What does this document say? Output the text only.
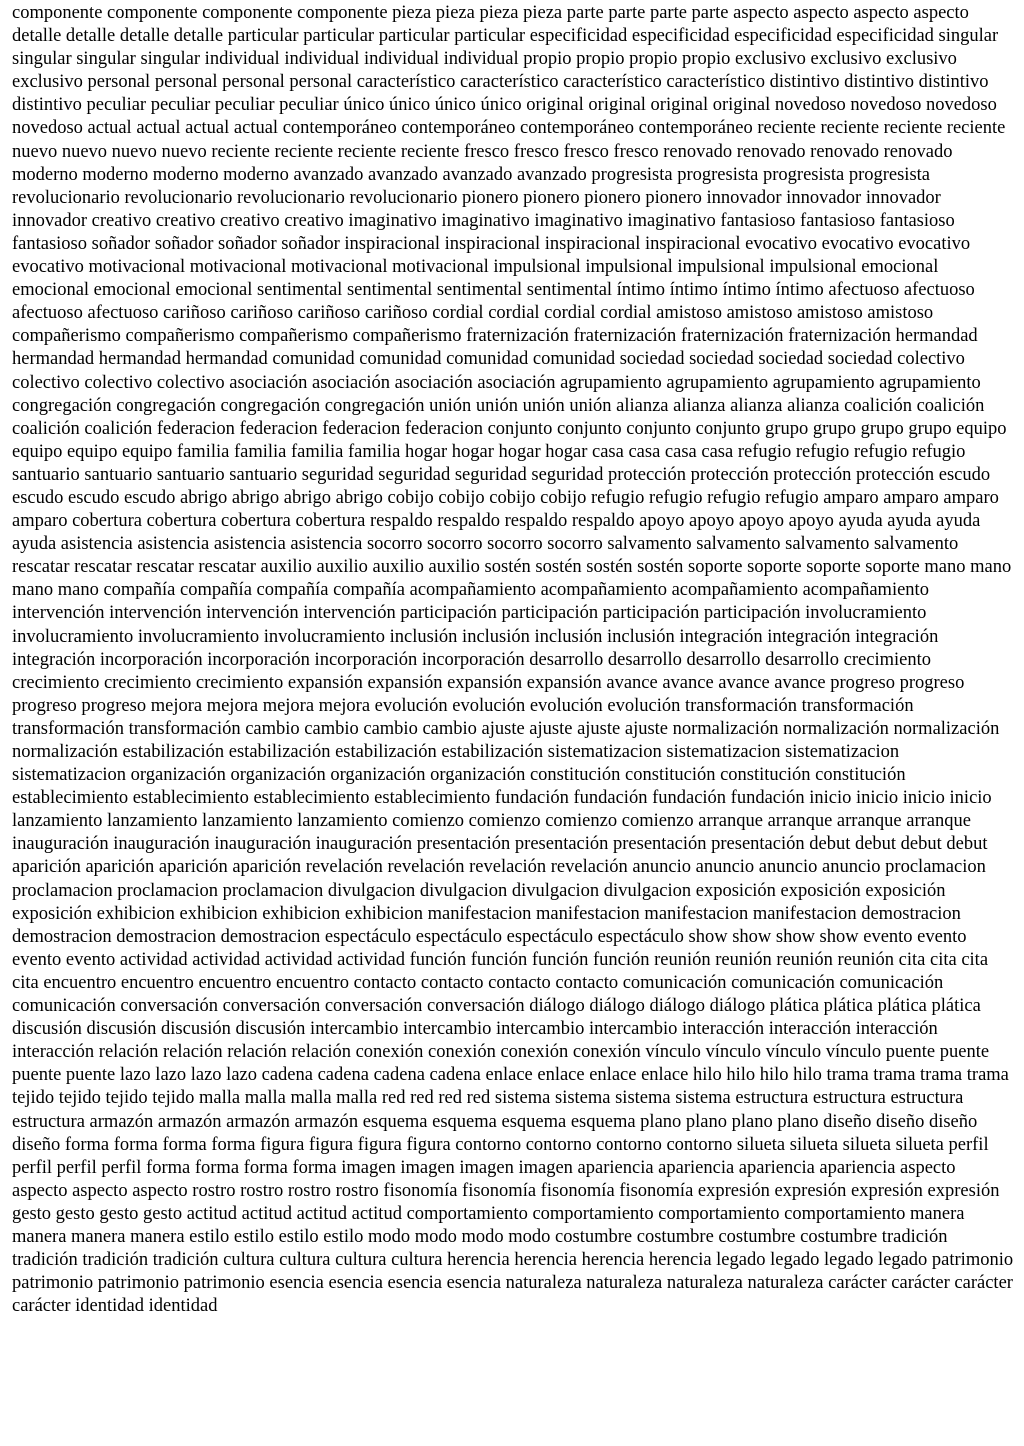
componente componente componente componente pieza pieza pieza pieza parte parte parte parte aspecto aspecto aspecto aspecto detalle detalle detalle detalle particular particular particular particular especificidad especificidad especificidad especificidad singular singular singular singular individual individual individual individual propio propio propio propio exclusivo exclusivo exclusivo exclusivo personal personal personal personal característico característico característico característico distintivo distintivo distintivo distintivo peculiar peculiar peculiar peculiar único único único único original original original original novedoso novedoso novedoso novedoso actual actual actual actual contemporáneo contemporáneo contemporáneo contemporáneo reciente reciente reciente reciente nuevo nuevo nuevo nuevo reciente reciente reciente reciente fresco fresco fresco fresco renovado renovado renovado renovado moderno moderno moderno moderno avanzado avanzado avanzado avanzado progresista progresista progresista progresista revolucionario revolucionario revolucionario revolucionario pionero pionero pionero pionero innovador innovador innovador innovador creativo creativo creativo creativo imaginativo imaginativo imaginativo imaginativo fantasioso fantasioso fantasioso fantasioso soñador soñador soñador soñador inspiracional inspiracional inspiracional inspiracional evocativo evocativo evocativo evocativo motivacional motivacional motivacional motivacional impulsional impulsional impulsional impulsional emocional emocional emocional emocional sentimental sentimental sentimental sentimental íntimo íntimo íntimo íntimo afectuoso afectuoso afectuoso afectuoso cariñoso cariñoso cariñoso cariñoso cordial cordial cordial cordial amistoso amistoso amistoso amistoso compañerismo compañerismo compañerismo compañerismo fraternización fraternización fraternización fraternización hermandad hermandad hermandad hermandad comunidad comunidad comunidad comunidad sociedad sociedad sociedad sociedad colectivo colectivo colectivo colectivo asociación asociación asociación asociación agrupamiento agrupamiento agrupamiento agrupamiento congregación congregación congregación congregación unión unión unión unión alianza alianza alianza alianza coalición coalición coalición coalición federacion federacion federacion federacion conjunto conjunto conjunto conjunto grupo grupo grupo grupo equipo equipo equipo equipo familia familia familia familia hogar hogar hogar hogar casa casa casa casa refugio refugio refugio refugio santuario santuario santuario santuario seguridad seguridad seguridad seguridad protección protección protección protección escudo escudo escudo escudo abrigo abrigo abrigo abrigo cobijo cobijo cobijo cobijo refugio refugio refugio refugio amparo amparo amparo amparo cobertura cobertura cobertura cobertura respaldo respaldo respaldo respaldo apoyo apoyo apoyo apoyo ayuda ayuda ayuda ayuda asistencia asistencia asistencia asistencia socorro socorro socorro socorro salvamento salvamento salvamento salvamento rescatar rescatar rescatar rescatar auxilio auxilio auxilio auxilio sostén sostén sostén sostén soporte soporte soporte soporte mano mano mano mano compañía compañía compañía compañía acompañamiento acompañamiento acompañamiento acompañamiento intervención intervención intervención intervención participación participación participación participación involucramiento involucramiento involucramiento involucramiento inclusión inclusión inclusión inclusión integración integración integración integración incorporación incorporación incorporación incorporación desarrollo desarrollo desarrollo desarrollo crecimiento crecimiento crecimiento crecimiento expansión expansión expansión expansión avance avance avance avance progreso progreso progreso progreso mejora mejora mejora mejora evolución evolución evolución evolución transformación transformación transformación transformación cambio cambio cambio cambio ajuste ajuste ajuste ajuste normalización normalización normalización normalización estabilización estabilización estabilización estabilización sistematizacion sistematizacion sistematizacion sistematizacion organización organización organización organización constitución constitución constitución constitución establecimiento establecimiento establecimiento establecimiento fundación fundación fundación fundación inicio inicio inicio inicio lanzamiento lanzamiento lanzamiento lanzamiento comienzo comienzo comienzo comienzo arranque arranque arranque arranque inauguración inauguración inauguración inauguración presentación presentación presentación presentación debut debut debut debut aparición aparición aparición aparición revelación revelación revelación revelación anuncio anuncio anuncio anuncio proclamacion proclamacion proclamacion proclamacion divulgacion divulgacion divulgacion divulgacion exposición exposición exposición exposición exhibicion exhibicion exhibicion exhibicion manifestacion manifestacion manifestacion manifestacion demostracion demostracion demostracion demostracion espectáculo espectáculo espectáculo espectáculo show show show show evento evento evento evento actividad actividad actividad actividad función función función función reunión reunión reunión reunión cita cita cita cita encuentro encuentro encuentro encuentro contacto contacto contacto contacto comunicación comunicación comunicación comunicación conversación conversación conversación conversación diálogo diálogo diálogo diálogo plática plática plática plática discusión discusión discusión discusión intercambio intercambio intercambio intercambio interacción interacción interacción interacción relación relación relación relación conexión conexión conexión conexión vínculo vínculo vínculo vínculo puente puente puente puente lazo lazo lazo lazo cadena cadena cadena cadena enlace enlace enlace enlace hilo hilo hilo hilo trama trama trama trama tejido tejido tejido tejido malla malla malla malla red red red red sistema sistema sistema sistema estructura estructura estructura estructura armazón armazón armazón armazón esquema esquema esquema esquema plano plano plano plano diseño diseño diseño diseño forma forma forma forma figura figura figura figura contorno contorno contorno contorno silueta silueta silueta silueta perfil perfil perfil perfil forma forma forma forma imagen imagen imagen imagen apariencia apariencia apariencia apariencia aspecto aspecto aspecto aspecto rostro rostro rostro rostro fisonomía fisonomía fisonomía fisonomía expresión expresión expresión expresión gesto gesto gesto gesto actitud actitud actitud actitud comportamiento comportamiento comportamiento comportamiento manera manera manera manera estilo estilo estilo estilo modo modo modo modo costumbre costumbre costumbre costumbre tradición tradición tradición tradición cultura cultura cultura cultura herencia herencia herencia herencia legado legado legado legado patrimonio patrimonio patrimonio patrimonio esencia esencia esencia esencia naturaleza naturaleza naturaleza naturaleza carácter carácter carácter carácter identidad identidad
